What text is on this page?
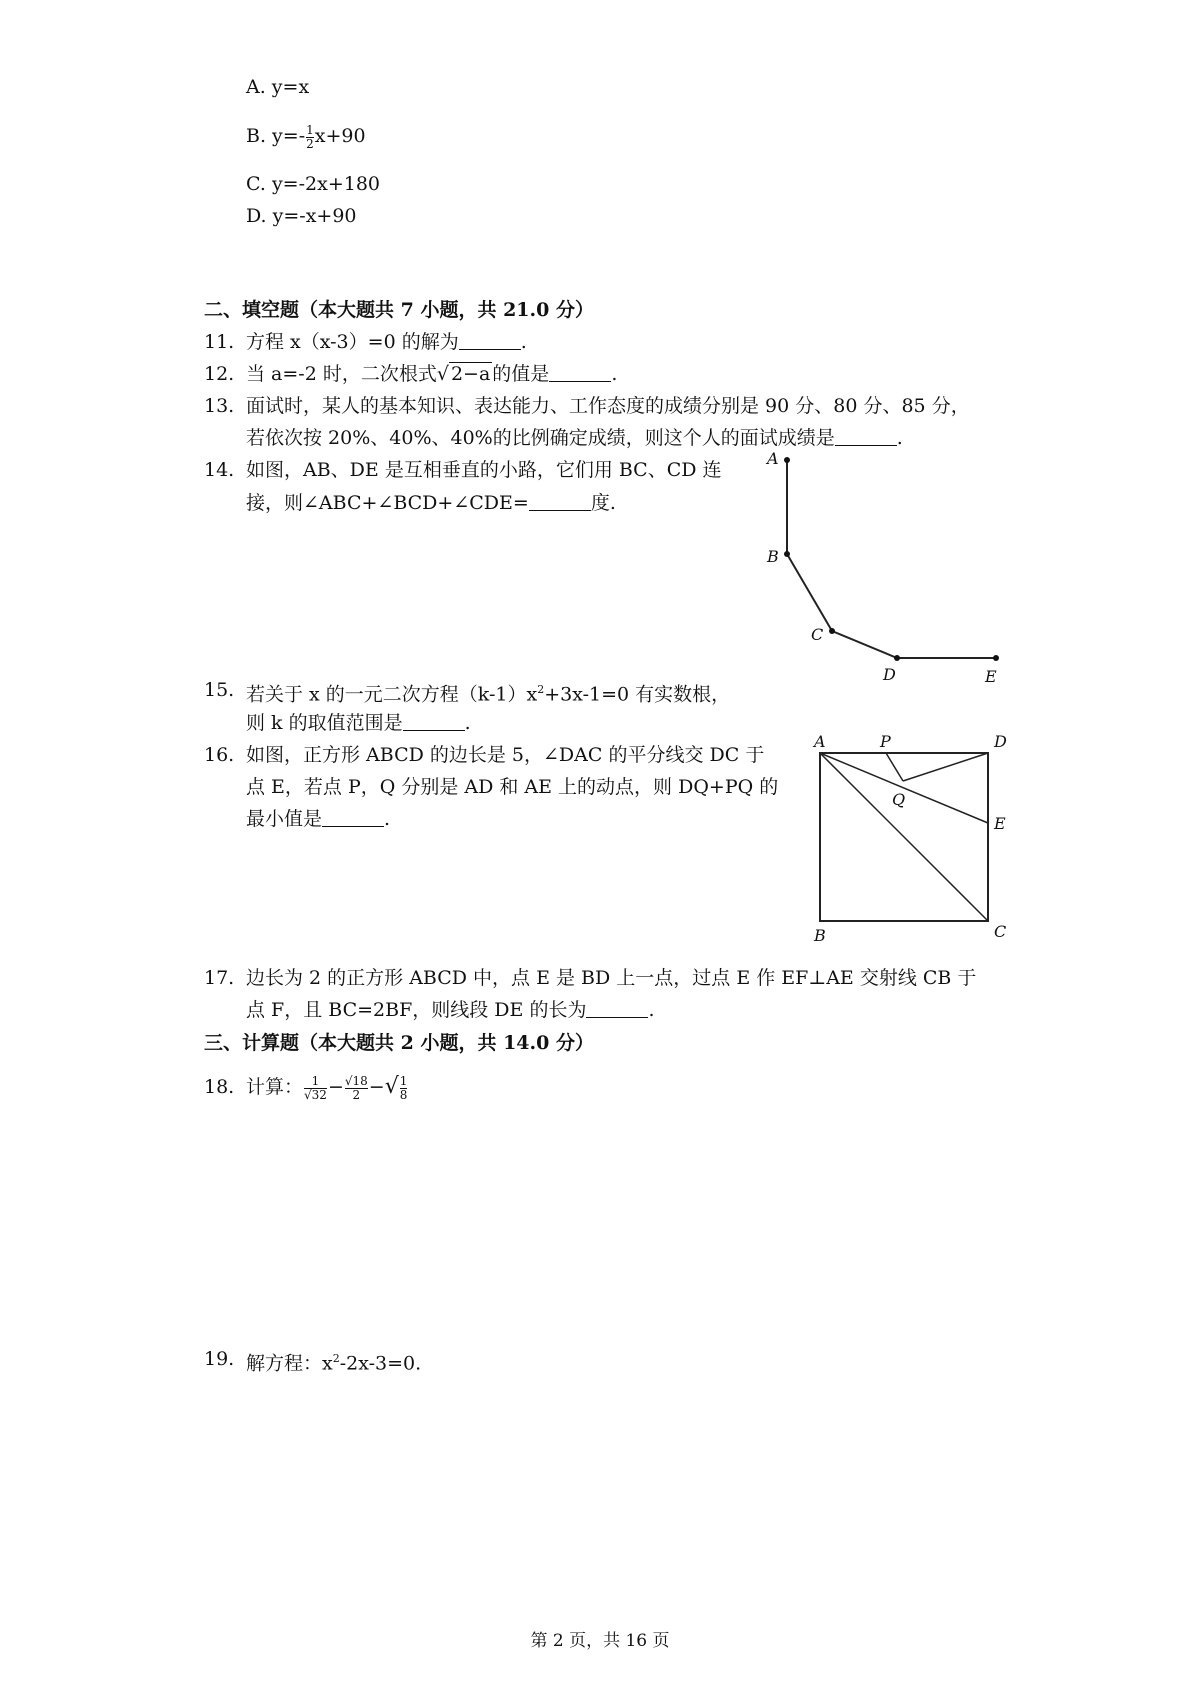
A. y=x
B. $y=- \frac{1}{2} x+90$
C. y=-2x+180
D. y=-x+90
二、填空题（本大题共 7 小题，共 21.0 分）
11. 方程 x（x-3）=0 的解为	.
12. 当 a=-2 时，二次根式√ 2−a 的值是	.
13. 面试时，某人的基本知识、表达能力、工作态度的成绩分别是 90 分、80 分、85 分，
若依次按 20%、40%、40%的比例确定成绩，则这个人的面试成绩是	.
14. 如图，AB、DE 是互相垂直的小路，它们用 BC、CD 连
接，则∠ABC+∠BCD+∠CDE=	度.
A
B
C
D	E
15. 若关于 x 的一元二次方程$(k-1)x^2+3x-1=0$ 有实数根，
则 k 的取值范围是	.
16. 如图，正方形 ABCD 的边长是 5，∠DAC 的平分线交 DC 于
点 E，若点 P，Q 分别是 AD 和 AE 上的动点，则 DQ+PQ 的
最小值是	.
A	P	D
Q
E
B	C
17. 边长为 2 的正方形 ABCD 中，点 E 是 BD 上一点，过点 E 作 EF⊥AE 交射线 CB 于
点 F，且 BC=2BF，则线段 DE 的长为	.
三、计算题（本大题共 2 小题，共 14.0 分）
18. 计算： $\frac{1}{√32} - \frac{√18}{2}$ −√ $\frac{1}{8}$
19. 解方程：$x^2-2x-3=0$.
第 2 页，共 16 页
